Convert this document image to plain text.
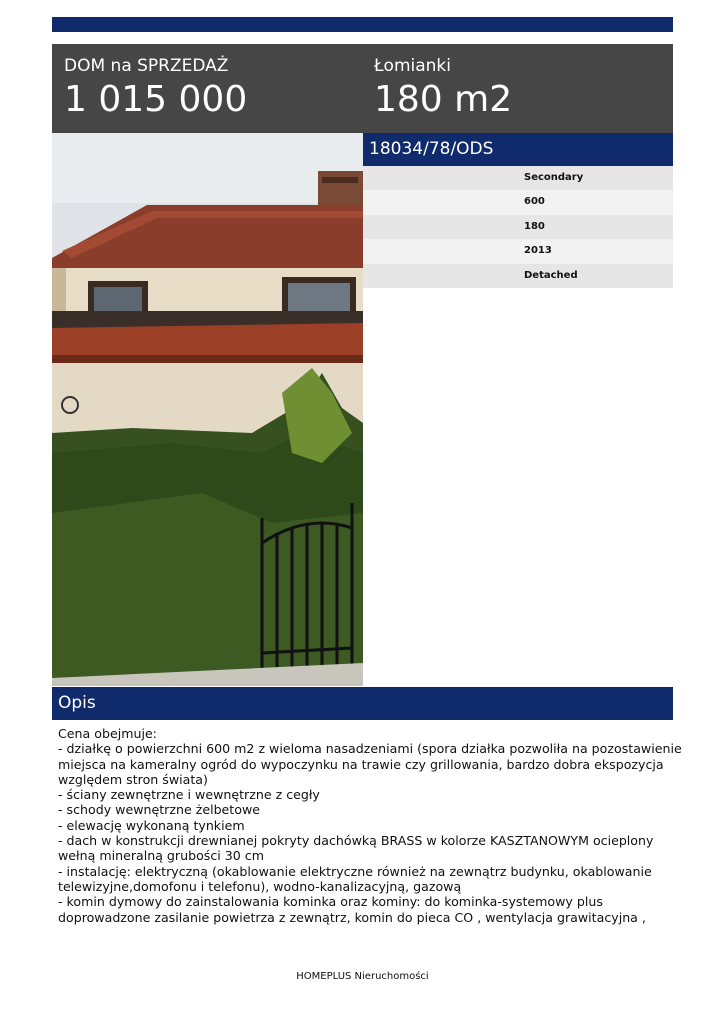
DOM na SPRZEDAŻ
1 015 000
Łomianki
180 m2
18034/78/ODS
Secondary
600
180
2013
Detached
Opis
Cena obejmuje:
- działkę o powierzchni 600 m2 z wieloma nasadzeniami (spora działka pozwoliła na pozostawienie
miejsca na kameralny ogród do wypoczynku na trawie czy grillowania, bardzo dobra ekspozycja
względem stron świata)
- ściany zewnętrzne i wewnętrzne z cegły
- schody wewnętrzne żelbetowe
- elewację wykonaną tynkiem
- dach w konstrukcji drewnianej pokryty dachówką BRASS w kolorze KASZTANOWYM ocieplony
wełną mineralną grubości 30 cm
- instalację: elektryczną (okablowanie elektryczne również na zewnątrz budynku, okablowanie
telewizyjne,domofonu i telefonu), wodno-kanalizacyjną, gazową
- komin dymowy do zainstalowania kominka oraz kominy: do kominka-systemowy plus
doprowadzone zasilanie powietrza z zewnątrz, komin do pieca CO , wentylacja grawitacyjna ,
HOMEPLUS Nieruchomości
